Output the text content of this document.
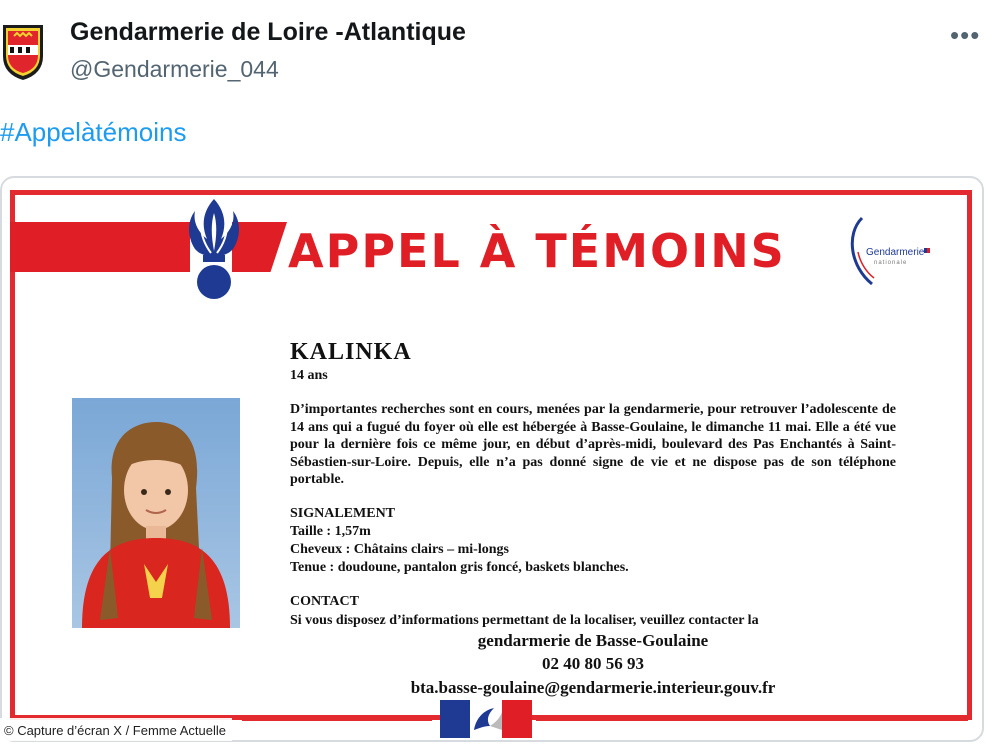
Gendarmerie de Loire -Atlantique
@Gendarmerie_044
•••
#Appelàtémoins
APPEL À TÉMOINS	Gendarmerie
nationale
KALINKA
14 ans
D’importantes recherches sont en cours, menées par la gendarmerie, pour retrouver l’adolescente de 14 ans qui a fugué du foyer où elle est hébergée à Basse-Goulaine, le dimanche 11 mai. Elle a été vue pour la dernière fois ce même jour, en début d’après-midi, boulevard des Pas Enchantés à Saint-Sébastien-sur-Loire. Depuis, elle n’a pas donné signe de vie et ne dispose pas de son téléphone portable.
SIGNALEMENT
Taille : 1,57m
Cheveux : Châtains clairs – mi-longs
Tenue : doudoune, pantalon gris foncé, baskets blanches.
CONTACT
Si vous disposez d’informations permettant de la localiser, veuillez contacter la
gendarmerie de Basse-Goulaine
02 40 80 56 93
bta.basse-goulaine@gendarmerie.interieur.gouv.fr
© Capture d’écran X / Femme Actuelle
